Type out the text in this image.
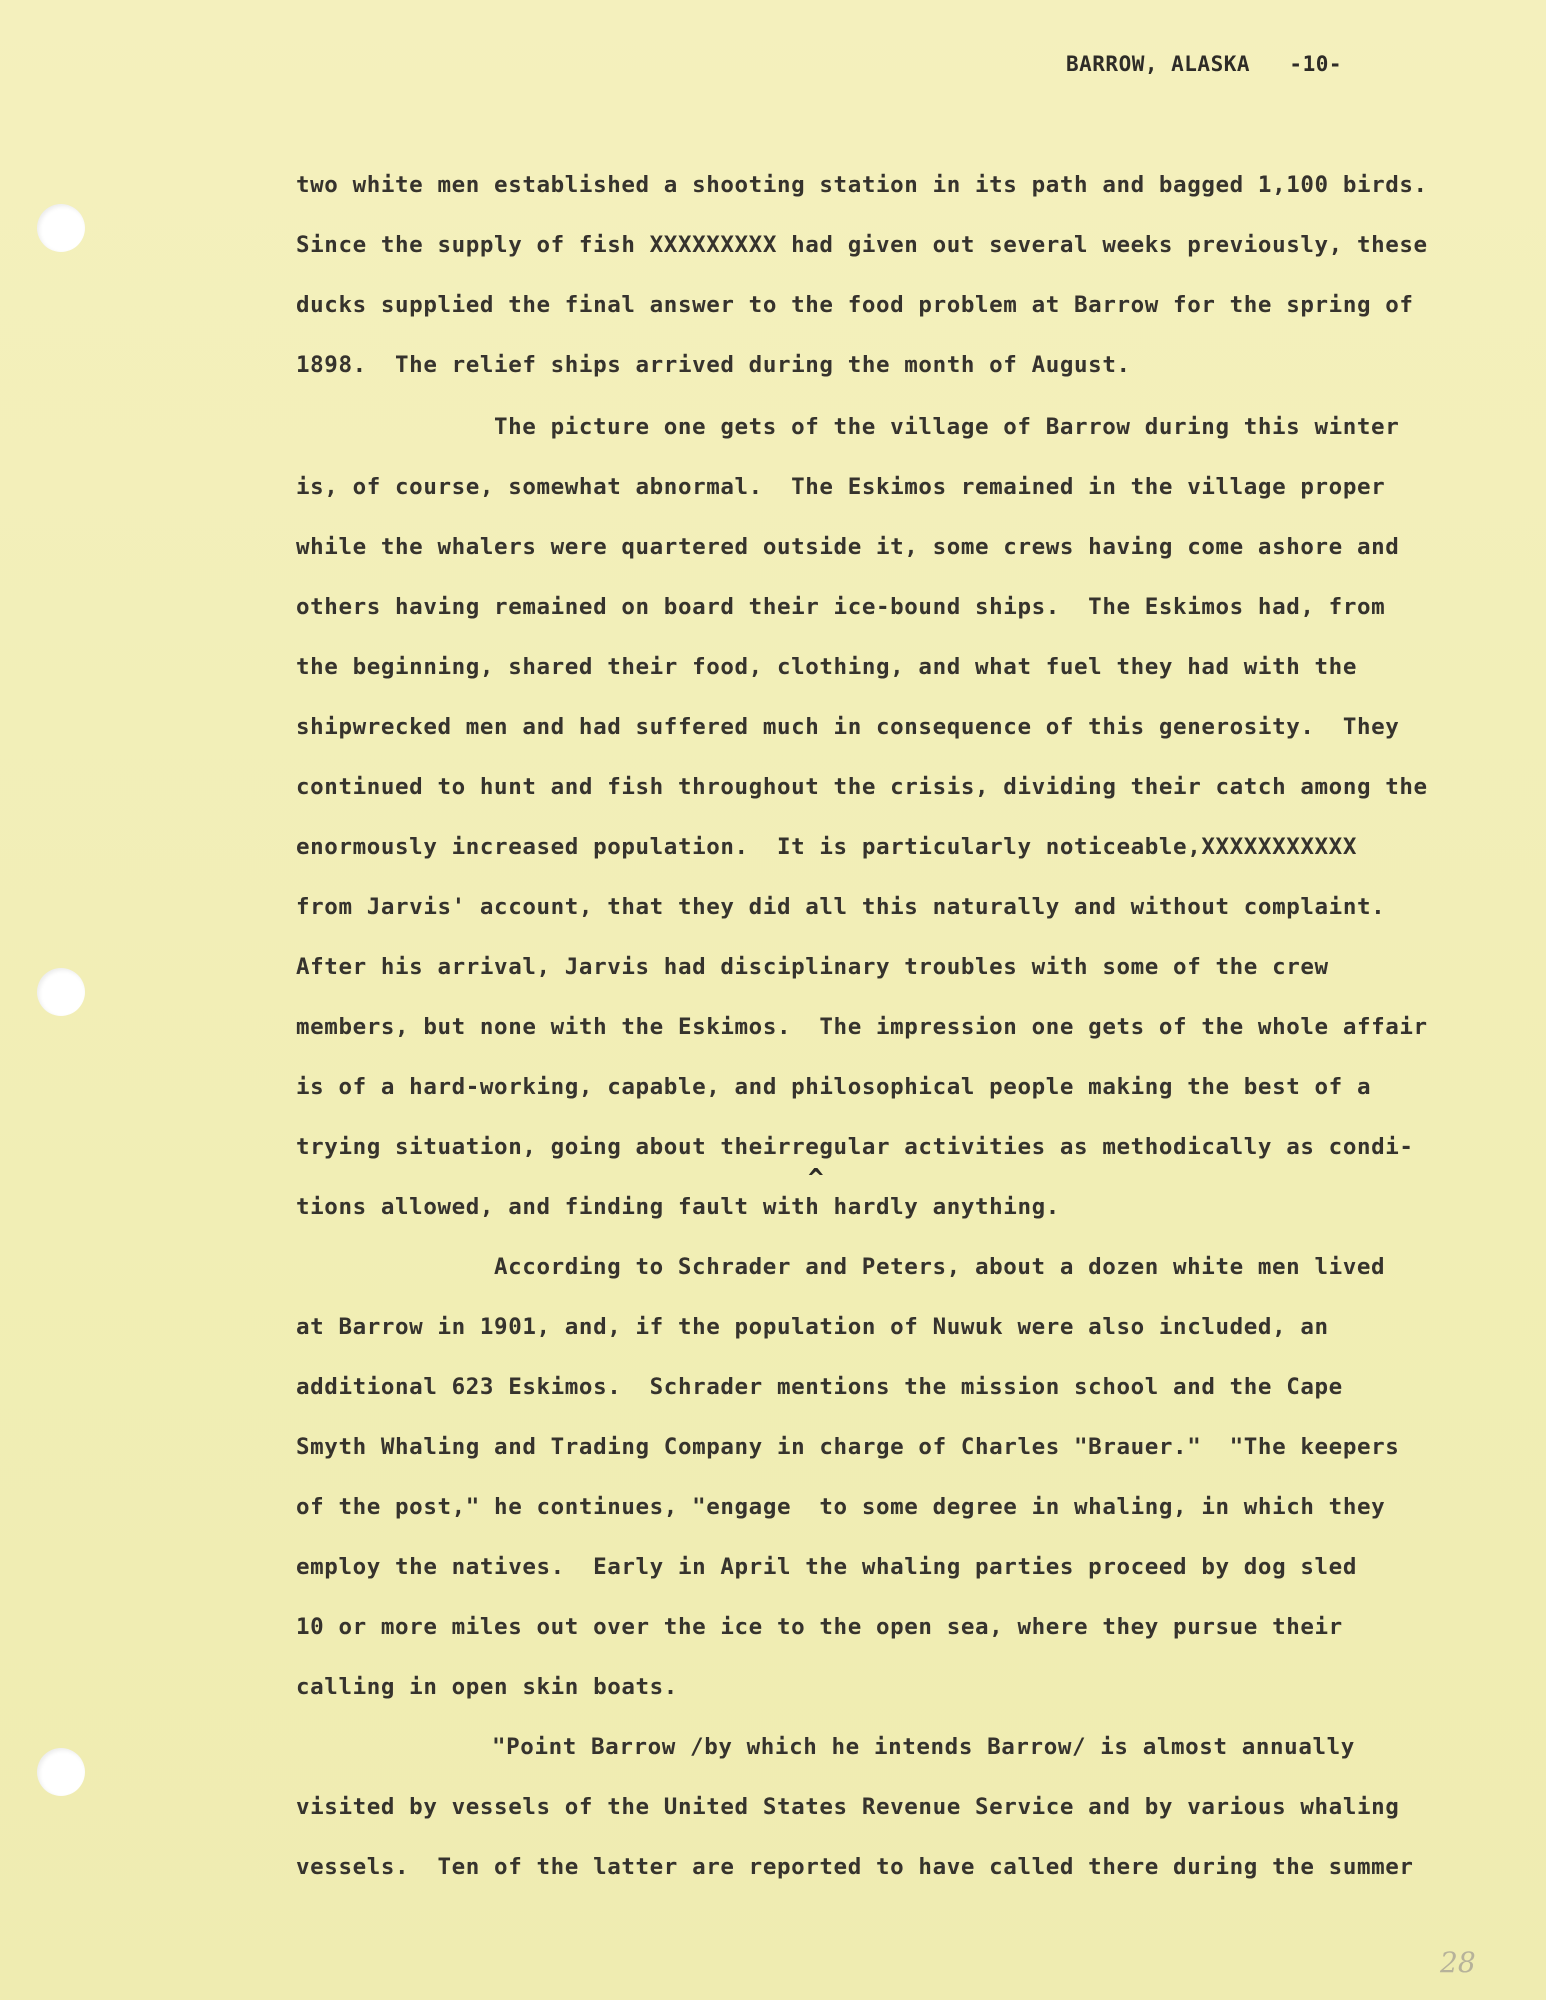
BARROW, ALASKA   -10-
two white men established a shooting station in its path and bagged 1,100 birds.
Since the supply of fish XXXXXXXXX had given out several weeks previously, these
ducks supplied the final answer to the food problem at Barrow for the spring of
1898.  The relief ships arrived during the month of August.
The picture one gets of the village of Barrow during this winter
is, of course, somewhat abnormal.  The Eskimos remained in the village proper
while the whalers were quartered outside it, some crews having come ashore and
others having remained on board their ice-bound ships.  The Eskimos had, from
the beginning, shared their food, clothing, and what fuel they had with the
shipwrecked men and had suffered much in consequence of this generosity.  They
continued to hunt and fish throughout the crisis, dividing their catch among the
enormously increased population.  It is particularly noticeable,XXXXXXXXXXX
from Jarvis' account, that they did all this naturally and without complaint.
After his arrival, Jarvis had disciplinary troubles with some of the crew
members, but none with the Eskimos.  The impression one gets of the whole affair
is of a hard-working, capable, and philosophical people making the best of a
trying situation, going about theirregular activities as methodically as condi-
tions allowed, and finding fault with hardly anything.
According to Schrader and Peters, about a dozen white men lived
at Barrow in 1901, and, if the population of Nuwuk were also included, an
additional 623 Eskimos.  Schrader mentions the mission school and the Cape
Smyth Whaling and Trading Company in charge of Charles "Brauer."  "The keepers
of the post," he continues, "engage  to some degree in whaling, in which they
employ the natives.  Early in April the whaling parties proceed by dog sled
10 or more miles out over the ice to the open sea, where they pursue their
calling in open skin boats.
"Point Barrow /by which he intends Barrow/ is almost annually
visited by vessels of the United States Revenue Service and by various whaling
vessels.  Ten of the latter are reported to have called there during the summer
^
28
